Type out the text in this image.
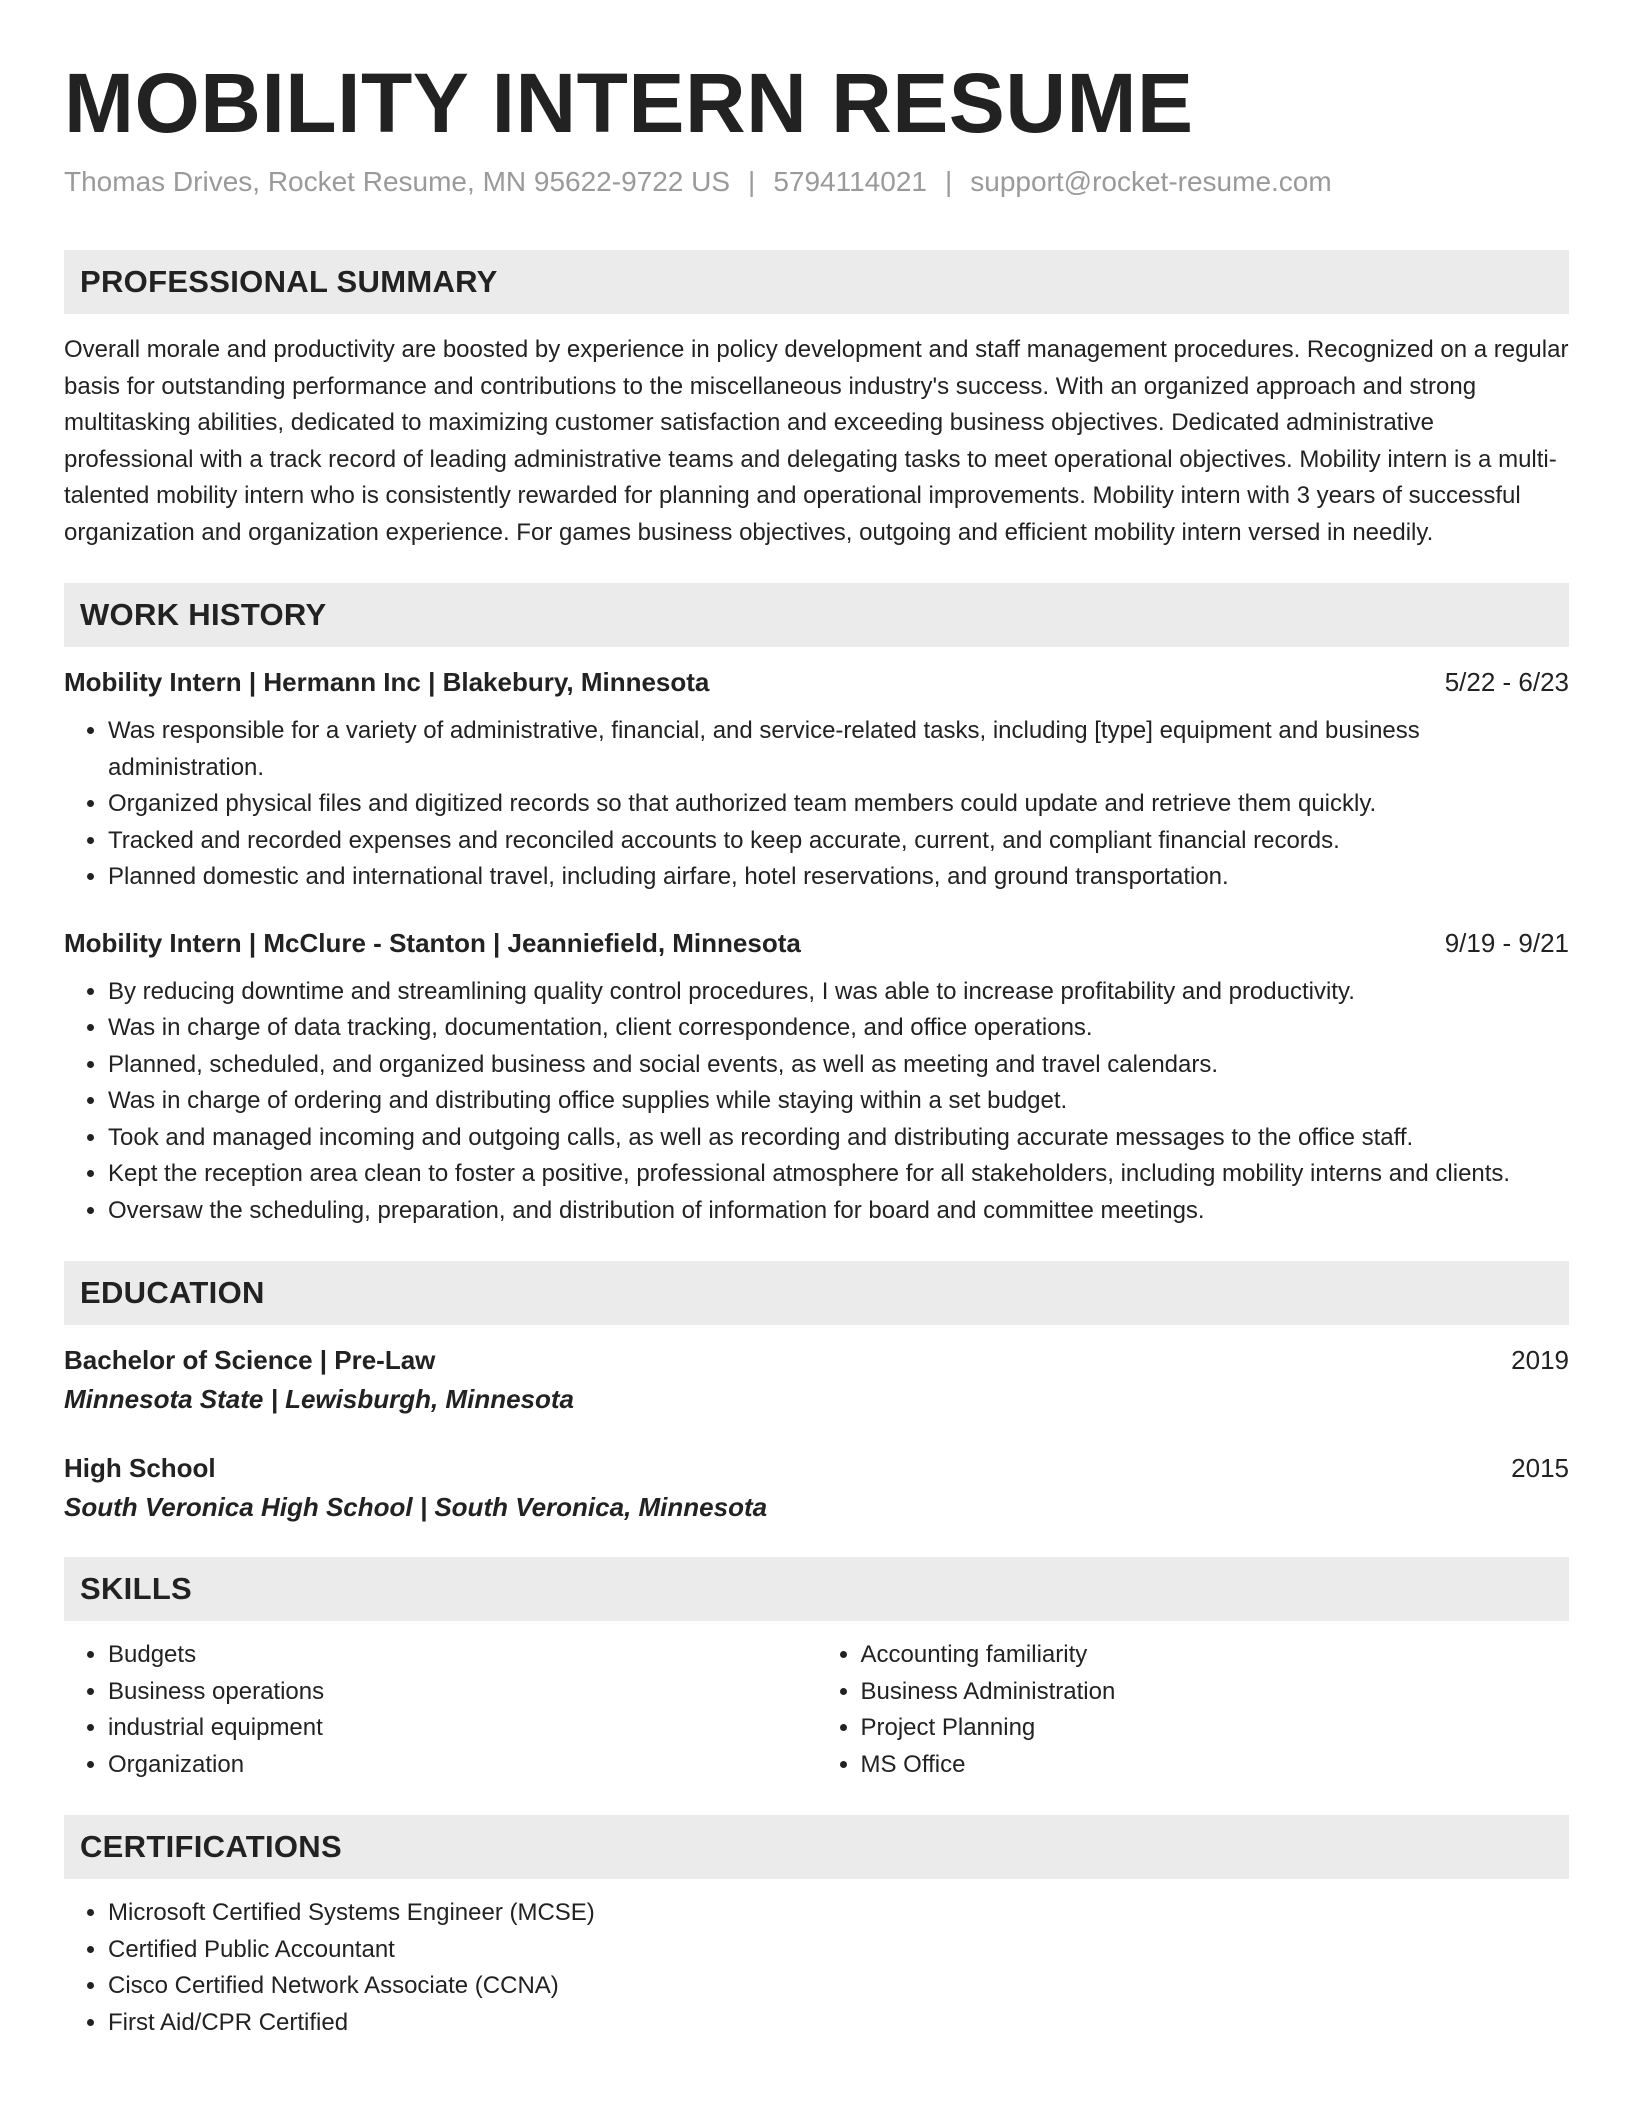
MOBILITY INTERN RESUME
Thomas Drives, Rocket Resume, MN 95622-9722 US | 5794114021 | support@rocket-resume.com
PROFESSIONAL SUMMARY

Overall morale and productivity are boosted by experience in policy development and staff management procedures. Recognized on a regular basis for outstanding performance and contributions to the miscellaneous industry's success. With an organized approach and strong multitasking abilities, dedicated to maximizing customer satisfaction and exceeding business objectives. Dedicated administrative professional with a track record of leading administrative teams and delegating tasks to meet operational objectives. Mobility intern is a multi-talented mobility intern who is consistently rewarded for planning and operational improvements. Mobility intern with 3 years of successful organization and organization experience. For games business objectives, outgoing and efficient mobility intern versed in needily.

WORK HISTORY
Mobility Intern | Hermann Inc | Blakebury, Minnesota	5/22 - 6/23
• Was responsible for a variety of administrative, financial, and service-related tasks, including [type] equipment and business administration.
• Organized physical files and digitized records so that authorized team members could update and retrieve them quickly.
• Tracked and recorded expenses and reconciled accounts to keep accurate, current, and compliant financial records.
• Planned domestic and international travel, including airfare, hotel reservations, and ground transportation.
Mobility Intern | McClure - Stanton | Jeanniefield, Minnesota	9/19 - 9/21
• By reducing downtime and streamlining quality control procedures, I was able to increase profitability and productivity.
• Was in charge of data tracking, documentation, client correspondence, and office operations.
• Planned, scheduled, and organized business and social events, as well as meeting and travel calendars.
• Was in charge of ordering and distributing office supplies while staying within a set budget.
• Took and managed incoming and outgoing calls, as well as recording and distributing accurate messages to the office staff.
• Kept the reception area clean to foster a positive, professional atmosphere for all stakeholders, including mobility interns and clients.
• Oversaw the scheduling, preparation, and distribution of information for board and committee meetings.
EDUCATION
Bachelor of Science | Pre-Law	2019
Minnesota State | Lewisburgh, Minnesota
High School	2015
South Veronica High School | South Veronica, Minnesota
SKILLS
• Budgets
• Business operations
• industrial equipment
• Organization
• Accounting familiarity
• Business Administration
• Project Planning
• MS Office
CERTIFICATIONS
• Microsoft Certified Systems Engineer (MCSE)
• Certified Public Accountant
• Cisco Certified Network Associate (CCNA)
• First Aid/CPR Certified
